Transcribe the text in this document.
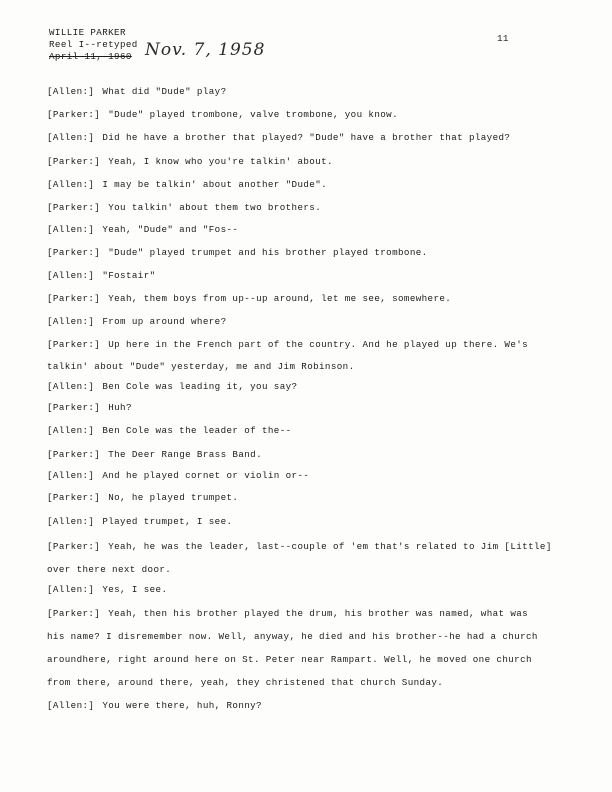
WILLIE PARKER
Reel I--retyped
April 11, 1960 Nov. 7, 1958
11
[Allen:] What did "Dude" play?
[Parker:] "Dude" played trombone, valve trombone, you know.
[Allen:] Did he have a brother that played? "Dude" have a brother that played?
[Parker:] Yeah, I know who you're talkin' about.
[Allen:] I may be talkin' about another "Dude".
[Parker:] You talkin' about them two brothers.
[Allen:] Yeah, "Dude" and "Fos--
[Parker:] "Dude" played trumpet and his brother played trombone.
[Allen:] "Fostair"
[Parker:] Yeah, them boys from up--up around, let me see, somewhere.
[Allen:] From up around where?
[Parker:] Up here in the French part of the country. And he played up there. We's
talkin' about "Dude" yesterday, me and Jim Robinson.
[Allen:] Ben Cole was leading it, you say?
[Parker:] Huh?
[Allen:] Ben Cole was the leader of the--
[Parker:] The Deer Range Brass Band.
[Allen:] And he played cornet or violin or--
[Parker:] No, he played trumpet.
[Allen:] Played trumpet, I see.
[Parker:] Yeah, he was the leader, last--couple of 'em that's related to Jim [Little]
over there next door.
[Allen:] Yes, I see.
[Parker:] Yeah, then his brother played the drum, his brother was named, what was
his name? I disremember now. Well, anyway, he died and his brother--he had a church
aroundhere, right around here on St. Peter near Rampart. Well, he moved one church
from there, around there, yeah, they christened that church Sunday.
[Allen:] You were there, huh, Ronny?
